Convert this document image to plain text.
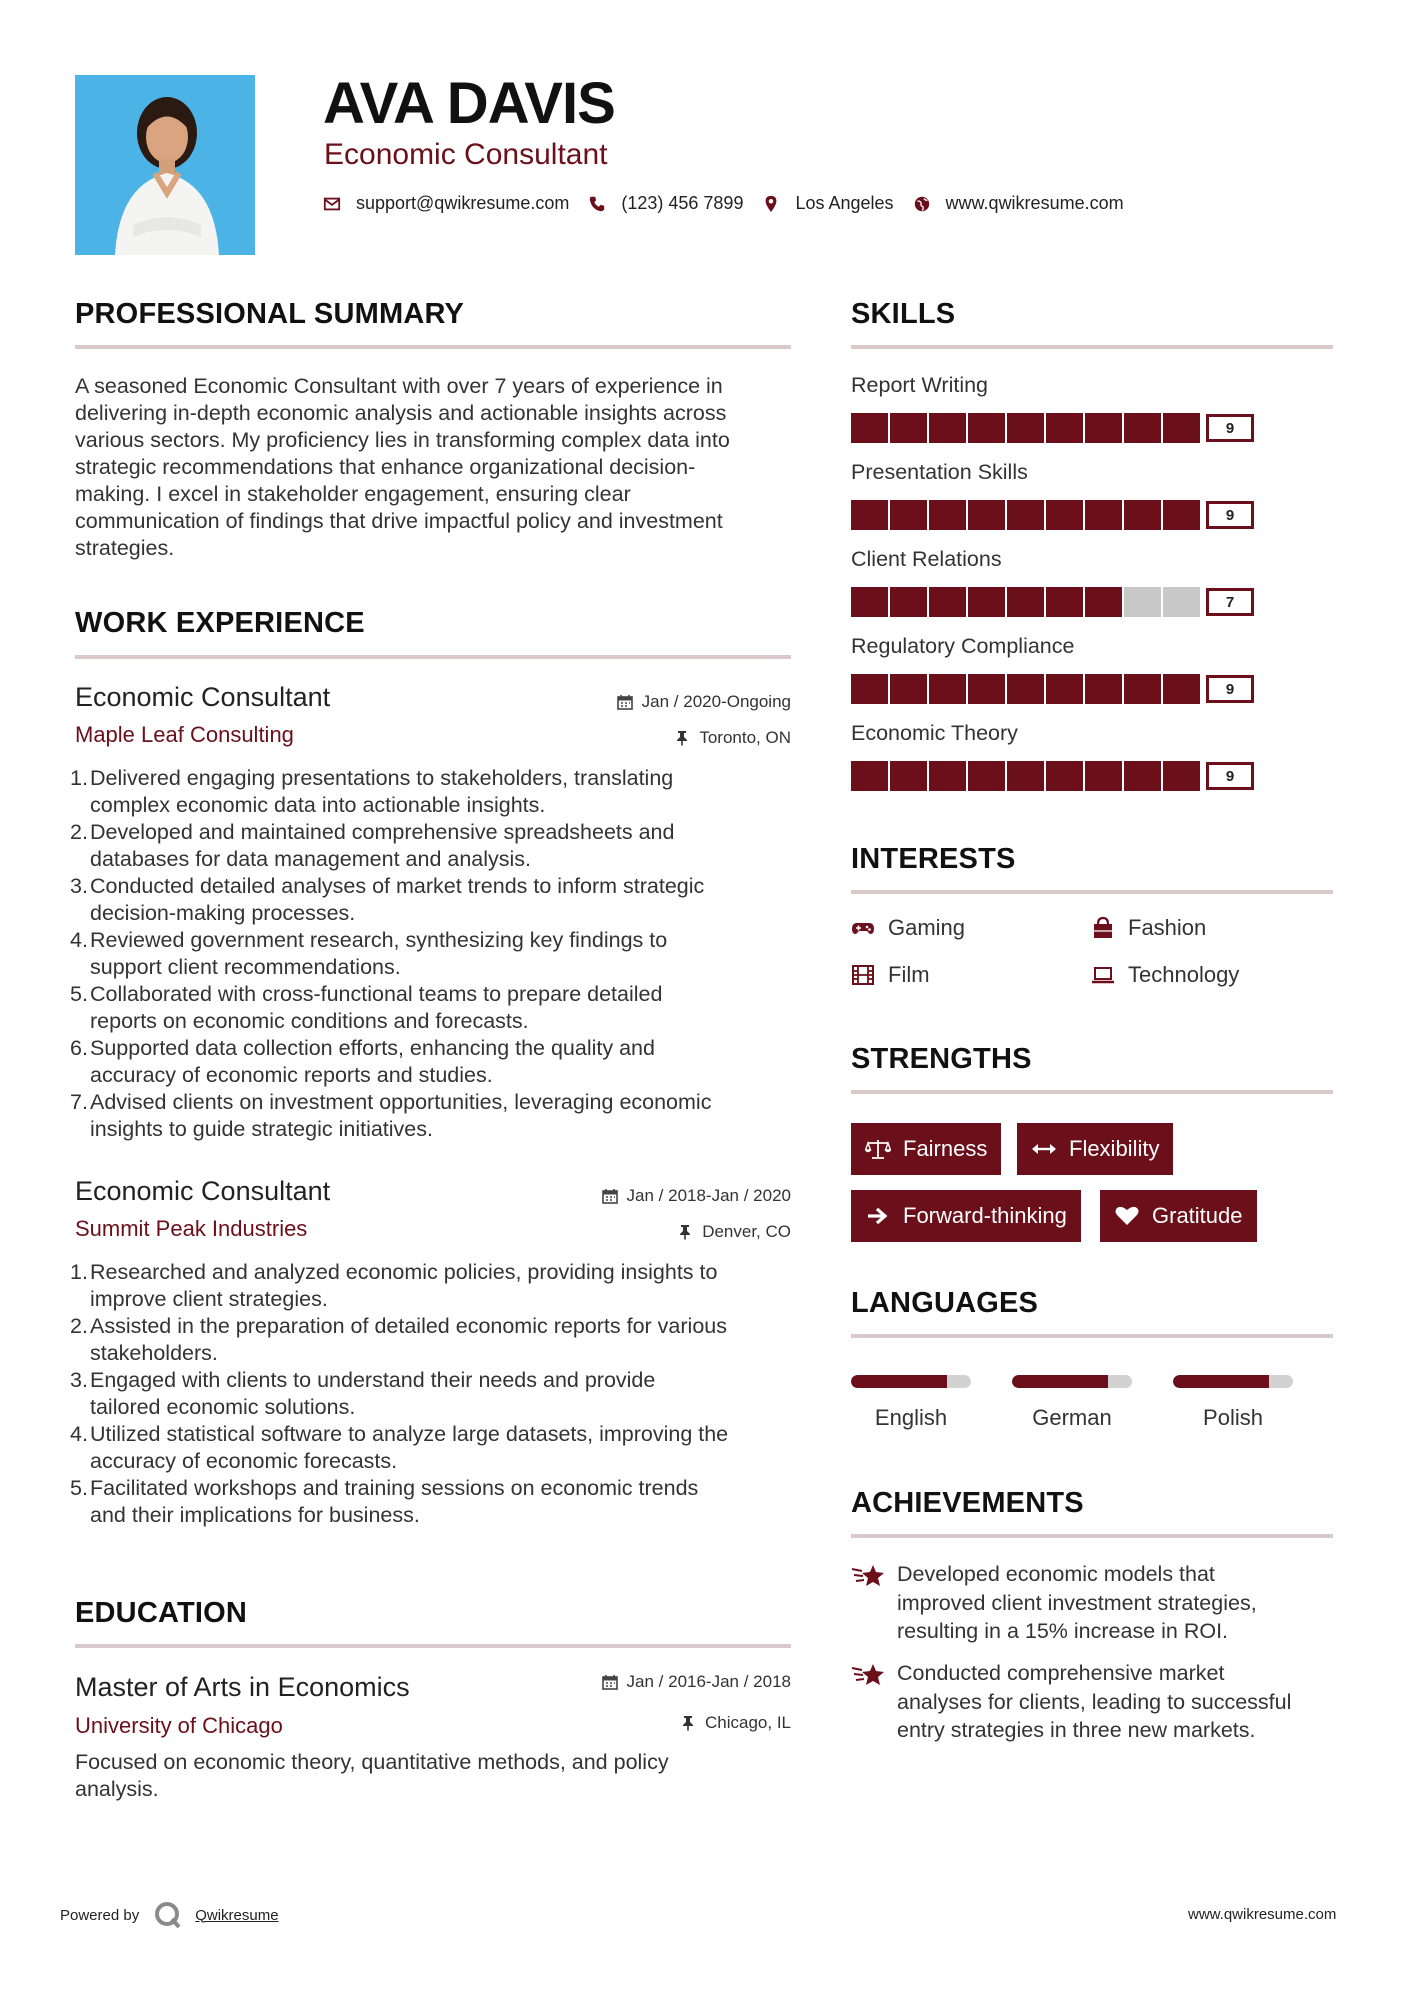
AVA DAVIS
Economic Consultant
support@qwikresume.com	(123) 456 7899	Los Angeles	www.qwikresume.com
PROFESSIONAL SUMMARY
A seasoned Economic Consultant with over 7 years of experience in
delivering in-depth economic analysis and actionable insights across
various sectors. My proficiency lies in transforming complex data into
strategic recommendations that enhance organizational decision-
making. I excel in stakeholder engagement, ensuring clear
communication of findings that drive impactful policy and investment
strategies.
WORK EXPERIENCE
Economic Consultant	Jan / 2020-Ongoing
Maple Leaf Consulting	Toronto, ON
1. Delivered engaging presentations to stakeholders, translating
complex economic data into actionable insights.
2. Developed and maintained comprehensive spreadsheets and
databases for data management and analysis.
3. Conducted detailed analyses of market trends to inform strategic
decision-making processes.
4. Reviewed government research, synthesizing key findings to
support client recommendations.
5. Collaborated with cross-functional teams to prepare detailed
reports on economic conditions and forecasts.
6. Supported data collection efforts, enhancing the quality and
accuracy of economic reports and studies.
7. Advised clients on investment opportunities, leveraging economic
insights to guide strategic initiatives.
Economic Consultant	Jan / 2018-Jan / 2020
Summit Peak Industries	Denver, CO
1. Researched and analyzed economic policies, providing insights to
improve client strategies.
2. Assisted in the preparation of detailed economic reports for various
stakeholders.
3. Engaged with clients to understand their needs and provide
tailored economic solutions.
4. Utilized statistical software to analyze large datasets, improving the
accuracy of economic forecasts.
5. Facilitated workshops and training sessions on economic trends
and their implications for business.
EDUCATION
Master of Arts in Economics	Jan / 2016-Jan / 2018
University of Chicago	Chicago, IL
Focused on economic theory, quantitative methods, and policy
analysis.
SKILLS
Report Writing
9
Presentation Skills
9
Client Relations
7
Regulatory Compliance
9
Economic Theory
9
INTERESTS
Gaming	Fashion
Film	Technology
STRENGTHS
Fairness	Flexibility
Forward-thinking	Gratitude
LANGUAGES
English	German	Polish
ACHIEVEMENTS
Developed economic models that
improved client investment strategies,
resulting in a 15% increase in ROI.
Conducted comprehensive market
analyses for clients, leading to successful
entry strategies in three new markets.
Powered by	Qwikresume	www.qwikresume.com
